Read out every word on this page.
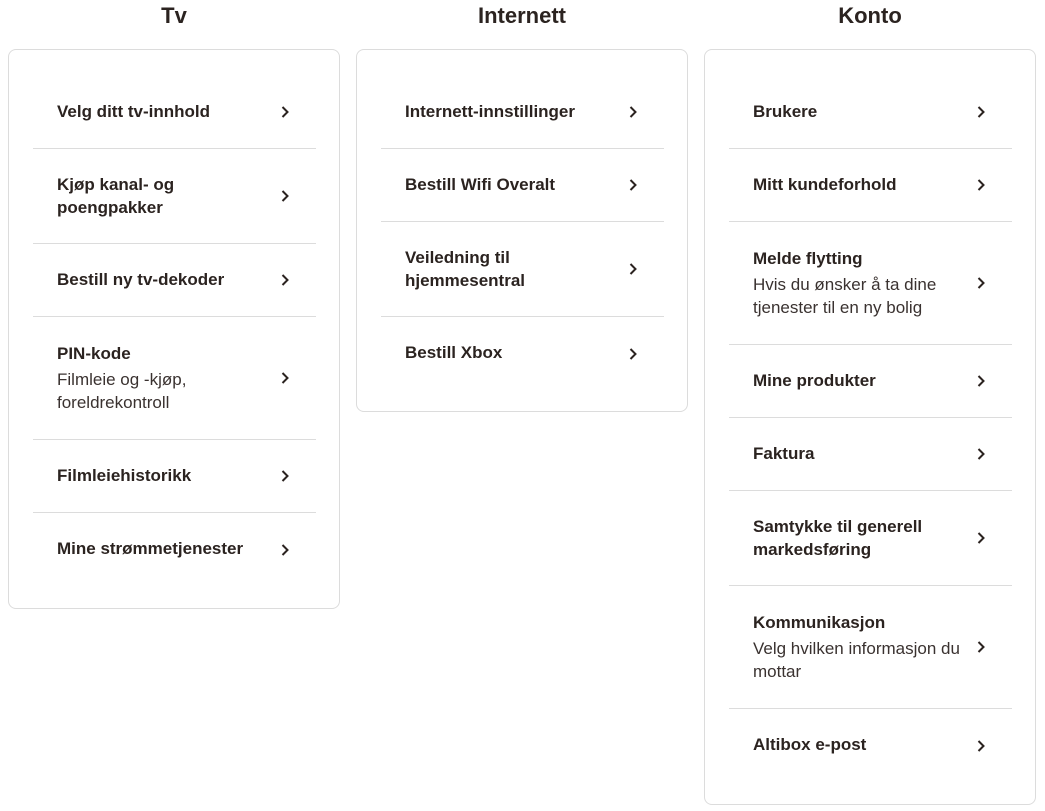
Tv
Velg ditt tv-innhold
Kjøp kanal- og poengpakker
Bestill ny tv-dekoder
PIN-kode
Filmleie og -kjøp, foreldrekontroll
Filmleiehistorikk
Mine strømmetjenester
Internett
Internett-innstillinger
Bestill Wifi Overalt
Veiledning til hjemmesentral
Bestill Xbox
Konto
Brukere
Mitt kundeforhold
Melde flytting
Hvis du ønsker å ta dine tjenester til en ny bolig
Mine produkter
Faktura
Samtykke til generell markedsføring
Kommunikasjon
Velg hvilken informasjon du mottar
Altibox e-post
